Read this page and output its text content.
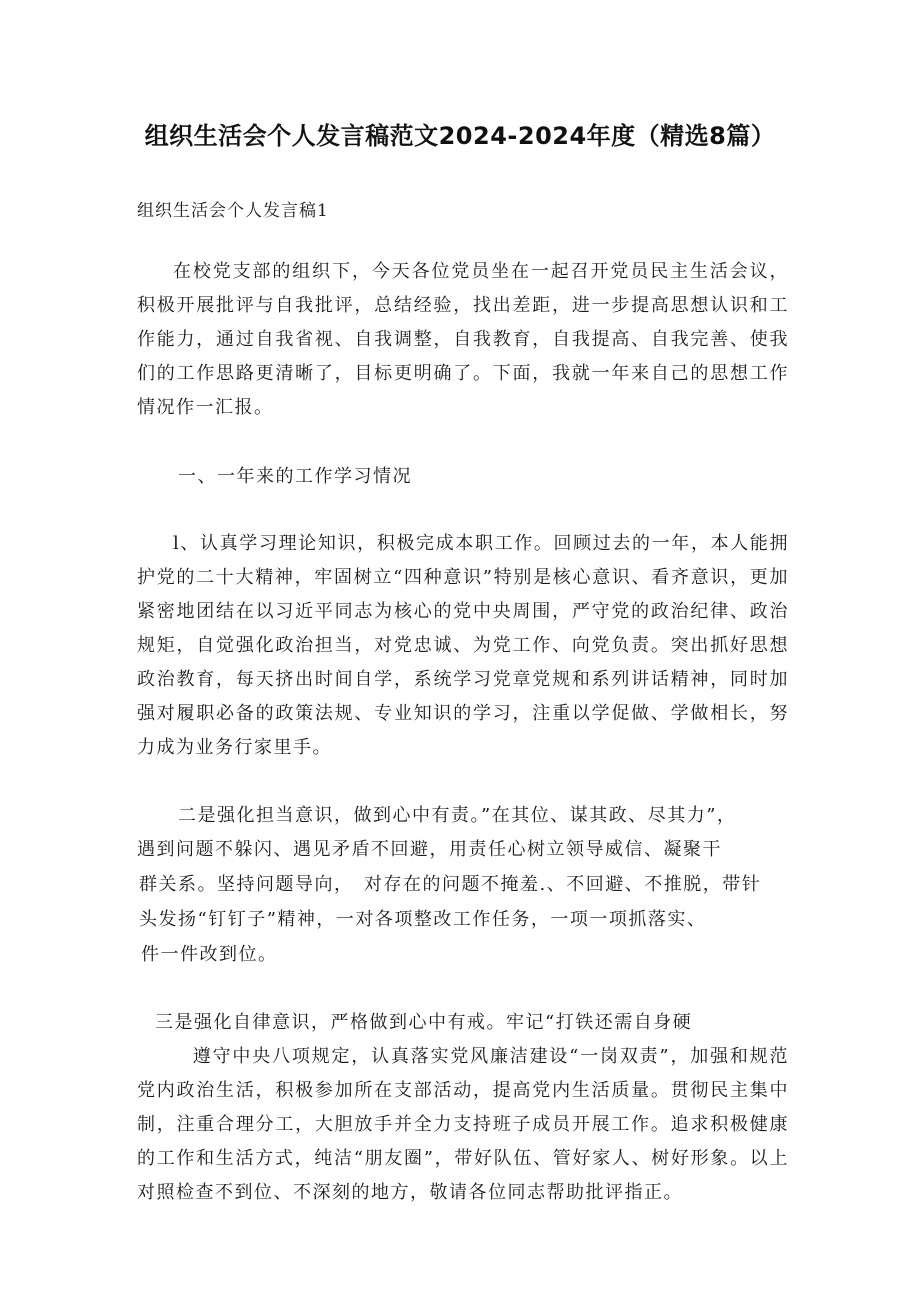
组织生活会个人发言稿范文2024-2024年度（精选8篇）
组织生活会个人发言稿1
在校党支部的组织下，今天各位党员坐在一起召开党员民主生活会议，积极开展批评与自我批评，总结经验，找出差距，进一步提高思想认识和工作能力，通过自我省视、自我调整，自我教育，自我提高、自我完善、使我们的工作思路更清晰了，目标更明确了。下面，我就一年来自己的思想工作情况作一汇报。
一、一年来的工作学习情况
l、认真学习理论知识，积极完成本职工作。回顾过去的一年，本人能拥护党的二十大精神，牢固树立“四种意识”特别是核心意识、看齐意识，更加紧密地团结在以习近平同志为核心的党中央周围，严守党的政治纪律、政治规矩，自觉强化政治担当，对党忠诚、为党工作、向党负责。突出抓好思想政治教育，每天挤出时间自学，系统学习党章党规和系列讲话精神，同时加强对履职必备的政策法规、专业知识的学习，注重以学促做、学做相长，努力成为业务行家里手。
二是强化担当意识，做到心中有责。”在其位、谋其政、尽其力”，
遇到问题不躲闪、遇见矛盾不回避，用责任心树立领导威信、凝聚干
群关系。坚持问题导向，　对存在的问题不掩羞.、不回避、不推脱，带针
头发扬“钉钉子”精神，一对各项整改工作任务，一项一项抓落实、
件一件改到位。
三是强化自律意识，严格做到心中有戒。牢记“打铁还需自身硬
遵守中央八项规定，认真落实党风廉洁建设“一岗双责”，加强和规范党内政治生活，积极参加所在支部活动，提高党内生活质量。贯彻民主集中制，注重合理分工，大胆放手并全力支持班子成员开展工作。追求积极健康的工作和生活方式，纯洁“朋友圈”，带好队伍、管好家人、树好形象。以上对照检查不到位、不深刻的地方，敬请各位同志帮助批评指正。
